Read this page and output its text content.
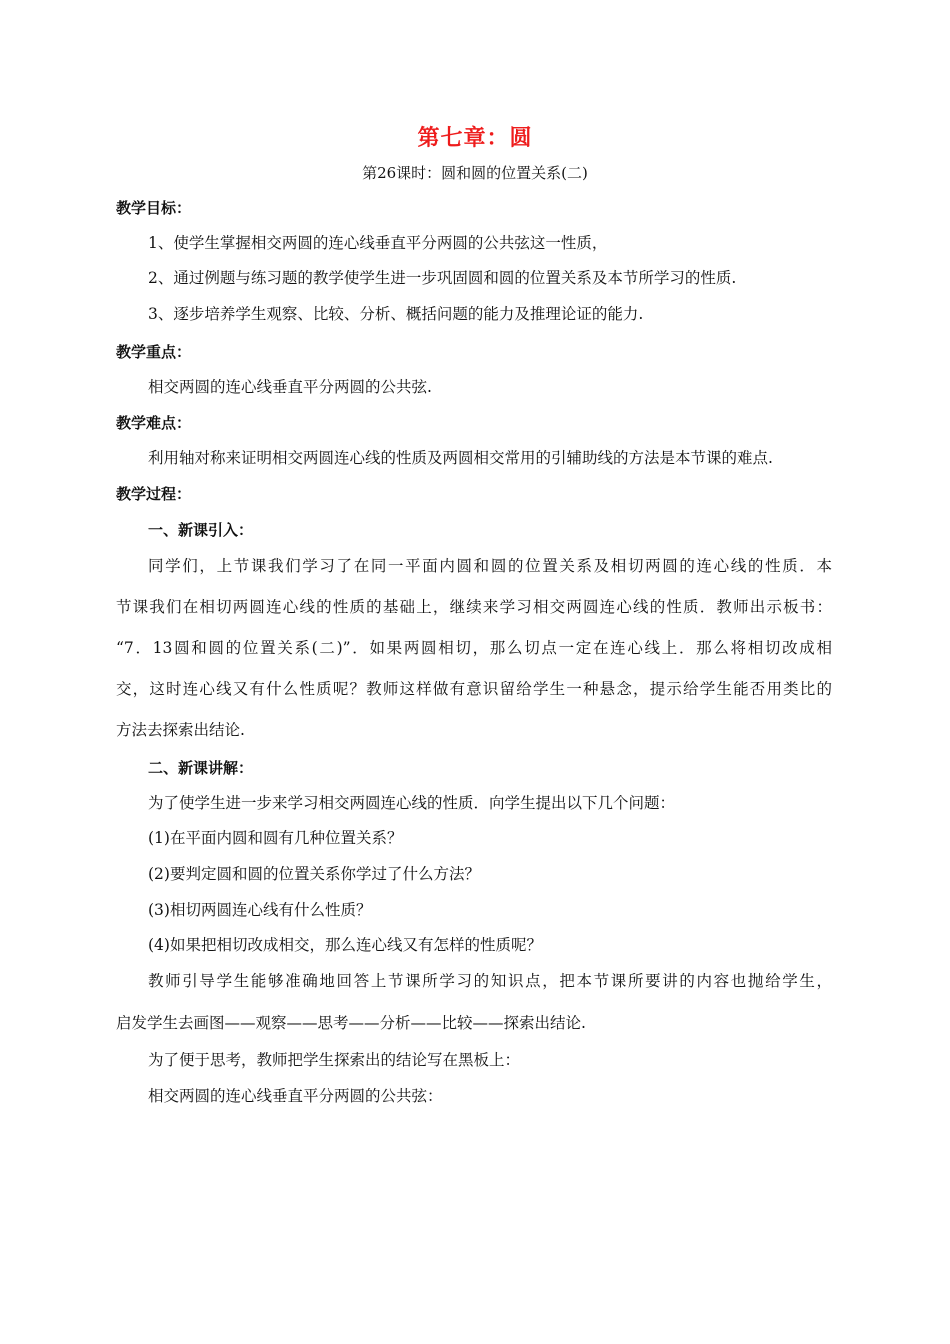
第七章：圆
第26课时：圆和圆的位置关系(二)
教学目标：
1、使学生掌握相交两圆的连心线垂直平分两圆的公共弦这一性质，
2、通过例题与练习题的教学使学生进一步巩固圆和圆的位置关系及本节所学习的性质.
3、逐步培养学生观察、比较、分析、概括问题的能力及推理论证的能力.
教学重点：
相交两圆的连心线垂直平分两圆的公共弦.
教学难点：
利用轴对称来证明相交两圆连心线的性质及两圆相交常用的引辅助线的方法是本节课的难点.
教学过程：
一、新课引入：
同学们，上节课我们学习了在同一平面内圆和圆的位置关系及相切两圆的连心线的性质．本
节课我们在相切两圆连心线的性质的基础上，继续来学习相交两圆连心线的性质．教师出示板书：
“7．13圆和圆的位置关系(二)”．如果两圆相切，那么切点一定在连心线上．那么将相切改成相
交，这时连心线又有什么性质呢？教师这样做有意识留给学生一种悬念，提示给学生能否用类比的
方法去探索出结论.
二、新课讲解：
为了使学生进一步来学习相交两圆连心线的性质．向学生提出以下几个问题：
(1)在平面内圆和圆有几种位置关系？
(2)要判定圆和圆的位置关系你学过了什么方法？
(3)相切两圆连心线有什么性质？
(4)如果把相切改成相交，那么连心线又有怎样的性质呢？
教师引导学生能够准确地回答上节课所学习的知识点，把本节课所要讲的内容也抛给学生，
启发学生去画图——观察——思考——分析——比较——探索出结论.
为了便于思考，教师把学生探索出的结论写在黑板上：
相交两圆的连心线垂直平分两圆的公共弦：
